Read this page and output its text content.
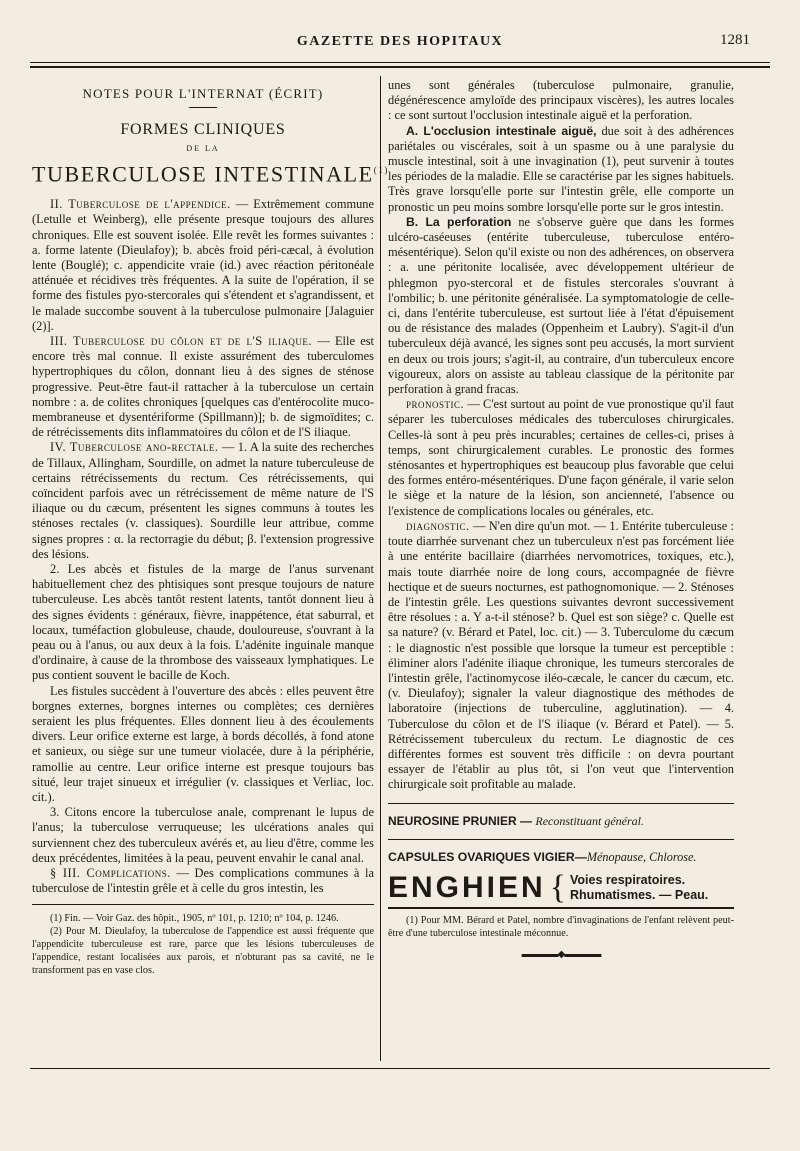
GAZETTE DES HOPITAUX	1281
NOTES POUR L'INTERNAT (ÉCRIT)
FORMES CLINIQUES
DE LA
TUBERCULOSE INTESTINALE$^{(1)}$

II. Tuberculose de l'appendice. — Extrêmement commune (Letulle et Weinberg), elle présente presque toujours des allures chroniques. Elle est souvent isolée. Elle revêt les formes suivantes : a. forme latente (Dieulafoy); b. abcès froid péri-cæcal, à évolution lente (Bouglé); c. appendicite vraie (id.) avec réaction péritonéale atténuée et récidives très fréquentes. A la suite de l'opération, il se forme des fistules pyo-stercorales qui s'étendent et s'agrandissent, et le malade succombe souvent à la tuberculose pulmonaire [Jalaguier (2)].

III. Tuberculose du côlon et de l'S iliaque. — Elle est encore très mal connue. Il existe assurément des tuberculomes hypertrophiques du côlon, donnant lieu à des signes de sténose progressive. Peut-être faut-il rattacher à la tuberculose un certain nombre : a. de colites chroniques [quelques cas d'entérocolite muco-membraneuse et dysentériforme (Spillmann)]; b. de sigmoïdites; c. de rétrécissements dits inflammatoires du côlon et de l'S iliaque.

IV. Tuberculose ano-rectale. — 1. A la suite des recherches de Tillaux, Allingham, Sourdille, on admet la nature tuberculeuse de certains rétrécissements du rectum. Ces rétrécissements, qui coïncident parfois avec un rétrécissement de même nature de l'S iliaque ou du cæcum, présentent les signes communs à toutes les sténoses rectales (v. classiques). Sourdille leur attribue, comme signes propres : α. la rectorragie du début; β. l'extension progressive des lésions.

2. Les abcès et fistules de la marge de l'anus survenant habituellement chez des phtisiques sont presque toujours de nature tuberculeuse. Les abcès tantôt restent latents, tantôt donnent lieu à des signes évidents : généraux, fièvre, inappétence, état saburral, et locaux, tuméfaction globuleuse, chaude, douloureuse, s'ouvrant à la peau ou à l'anus, ou aux deux à la fois. L'adénite inguinale manque d'ordinaire, à cause de la thrombose des vaisseaux lymphatiques. Le pus contient souvent le bacille de Koch.

Les fistules succèdent à l'ouverture des abcès : elles peuvent être borgnes externes, borgnes internes ou complètes; ces dernières seraient les plus fréquentes. Elles donnent lieu à des écoulements divers. Leur orifice externe est large, à bords décollés, à fond atone et sanieux, ou siège sur une tumeur violacée, dure à la périphérie, ramollie au centre. Leur orifice interne est presque toujours bas situé, leur trajet sinueux et irrégulier (v. classiques et Verliac, loc. cit.).

3. Citons encore la tuberculose anale, comprenant le lupus de l'anus; la tuberculose verruqueuse; les ulcérations anales qui surviennent chez des tuberculeux avérés et, au lieu d'être, comme les deux précédentes, limitées à la peau, peuvent envahir le canal anal.

§ III. Complications. — Des complications communes à la tuberculose de l'intestin grêle et à celle du gros intestin, les

(1) Fin. — Voir Gaz. des hôpit., 1905, nº 101, p. 1210; nº 104, p. 1246.

(2) Pour M. Dieulafoy, la tuberculose de l'appendice est aussi fréquente que l'appendicite tuberculeuse est rare, parce que les lésions tuberculeuses de l'appendice, restant localisées aux parois, et n'obturant pas sa cavité, ne le transforment pas en vase clos.

unes sont générales (tuberculose pulmonaire, granulie, dégénérescence amyloïde des principaux viscères), les autres locales : ce sont surtout l'occlusion intestinale aiguë et la perforation.

A. L'occlusion intestinale aiguë, due soit à des adhérences pariétales ou viscérales, soit à un spasme ou à une paralysie du muscle intestinal, soit à une invagination (1), peut survenir à toutes les périodes de la maladie. Elle se caractérise par les signes habituels. Très grave lorsqu'elle porte sur l'intestin grêle, elle comporte un pronostic un peu moins sombre lorsqu'elle porte sur le gros intestin.

B. La perforation ne s'observe guère que dans les formes ulcéro-caséeuses (entérite tuberculeuse, tuberculose entéro-mésentérique). Selon qu'il existe ou non des adhérences, on observera : a. une péritonite localisée, avec développement ultérieur de phlegmon pyo-stercoral et de fistules stercorales s'ouvrant à l'ombilic; b. une péritonite généralisée. La symptomatologie de celle-ci, dans l'entérite tuberculeuse, est surtout liée à l'état d'épuisement ou de résistance des malades (Oppenheim et Laubry). S'agit-il d'un tuberculeux déjà avancé, les signes sont peu accusés, la mort survient en deux ou trois jours; s'agit-il, au contraire, d'un tuberculeux encore vigoureux, alors on assiste au tableau classique de la péritonite par perforation à grand fracas.

pronostic. — C'est surtout au point de vue pronostique qu'il faut séparer les tuberculoses médicales des tuberculoses chirurgicales. Celles-là sont à peu près incurables; certaines de celles-ci, prises à temps, sont chirurgicalement curables. Le pronostic des formes sténosantes et hypertrophiques est beaucoup plus favorable que celui des formes entéro-mésentériques. D'une façon générale, il varie selon le siège et la nature de la lésion, son ancienneté, l'absence ou l'existence de complications locales ou générales, etc.

diagnostic. — N'en dire qu'un mot. — 1. Entérite tuberculeuse : toute diarrhée survenant chez un tuberculeux n'est pas forcément liée à une entérite bacillaire (diarrhées nervomotrices, toxiques, etc.), mais toute diarrhée noire de long cours, accompagnée de fièvre hectique et de sueurs nocturnes, est pathognomonique. — 2. Sténoses de l'intestin grêle. Les questions suivantes devront successivement être résolues : a. Y a-t-il sténose? b. Quel est son siège? c. Quelle est sa nature? (v. Bérard et Patel, loc. cit.) — 3. Tuberculome du cæcum : le diagnostic n'est possible que lorsque la tumeur est perceptible : éliminer alors l'adénite iliaque chronique, les tumeurs stercorales de l'intestin grêle, l'actinomycose iléo-cæcale, le cancer du cæcum, etc. (v. Dieulafoy); signaler la valeur diagnostique des méthodes de laboratoire (injections de tuberculine, agglutination). — 4. Tuberculose du côlon et de l'S iliaque (v. Bérard et Patel). — 5. Rétrécissement tuberculeux du rectum. Le diagnostic de ces différentes formes est souvent très difficile : on devra pourtant essayer de l'établir au plus tôt, si l'on veut que l'intervention chirurgicale soit profitable au malade.

NEUROSINE PRUNIER — Reconstituant général.
CAPSULES OVARIQUES VIGIER—Ménopause, Chlorose.
ENGHIEN { Voies respiratoires.
Rhumatismes. — Peau.

(1) Pour MM. Bérard et Patel, nombre d'invaginations de l'enfant relèvent peut-être d'une tuberculose intestinale méconnue.

▬▬▬▬◆▬▬▬▬
